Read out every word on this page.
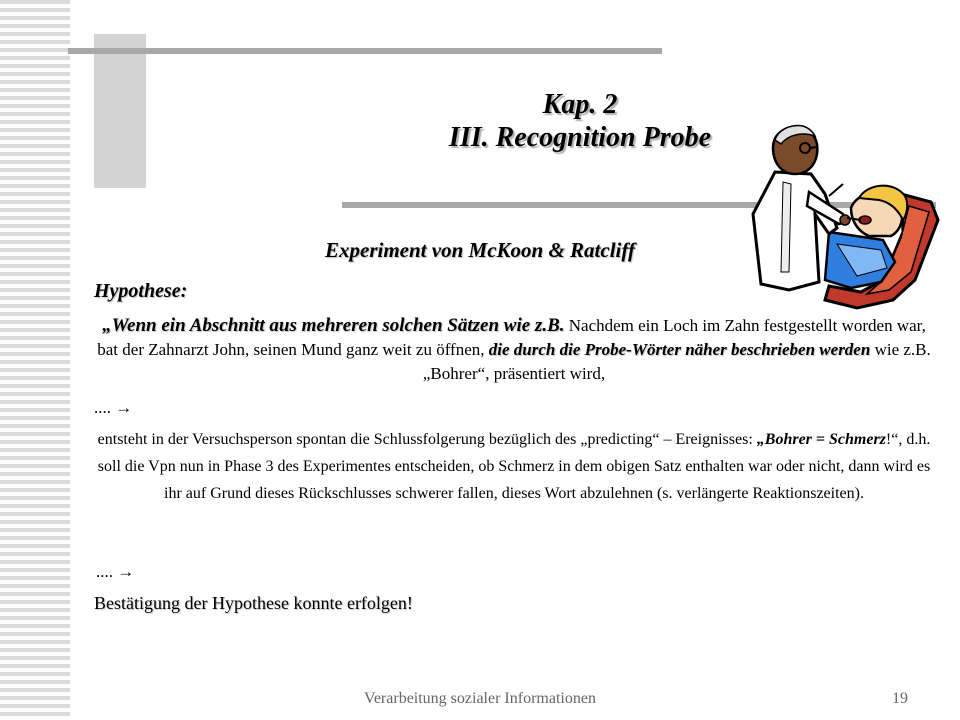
Kap. 2
III. Recognition Probe
Experiment von McKoon & Ratcliff

Hypothese:

„Wenn ein Abschnitt aus mehreren solchen Sätzen wie z.B. Nachdem ein Loch im Zahn festgestellt worden war, bat der Zahnarzt John, seinen Mund ganz weit zu öffnen, die durch die Probe-Wörter näher beschrieben werden wie z.B. „Bohrer“, präsentiert wird,

.... →

entsteht in der Versuchsperson spontan die Schlussfolgerung bezüglich des „predicting“ – Ereignisses: „Bohrer = Schmerz!“, d.h. soll die Vpn nun in Phase 3 des Experimentes entscheiden, ob Schmerz in dem obigen Satz enthalten war oder nicht, dann wird es ihr auf Grund dieses Rückschlusses schwerer fallen, dieses Wort abzulehnen (s. verlängerte Reaktionszeiten).

.... →

Bestätigung der Hypothese konnte erfolgen!

Verarbeitung sozialer Informationen	19
